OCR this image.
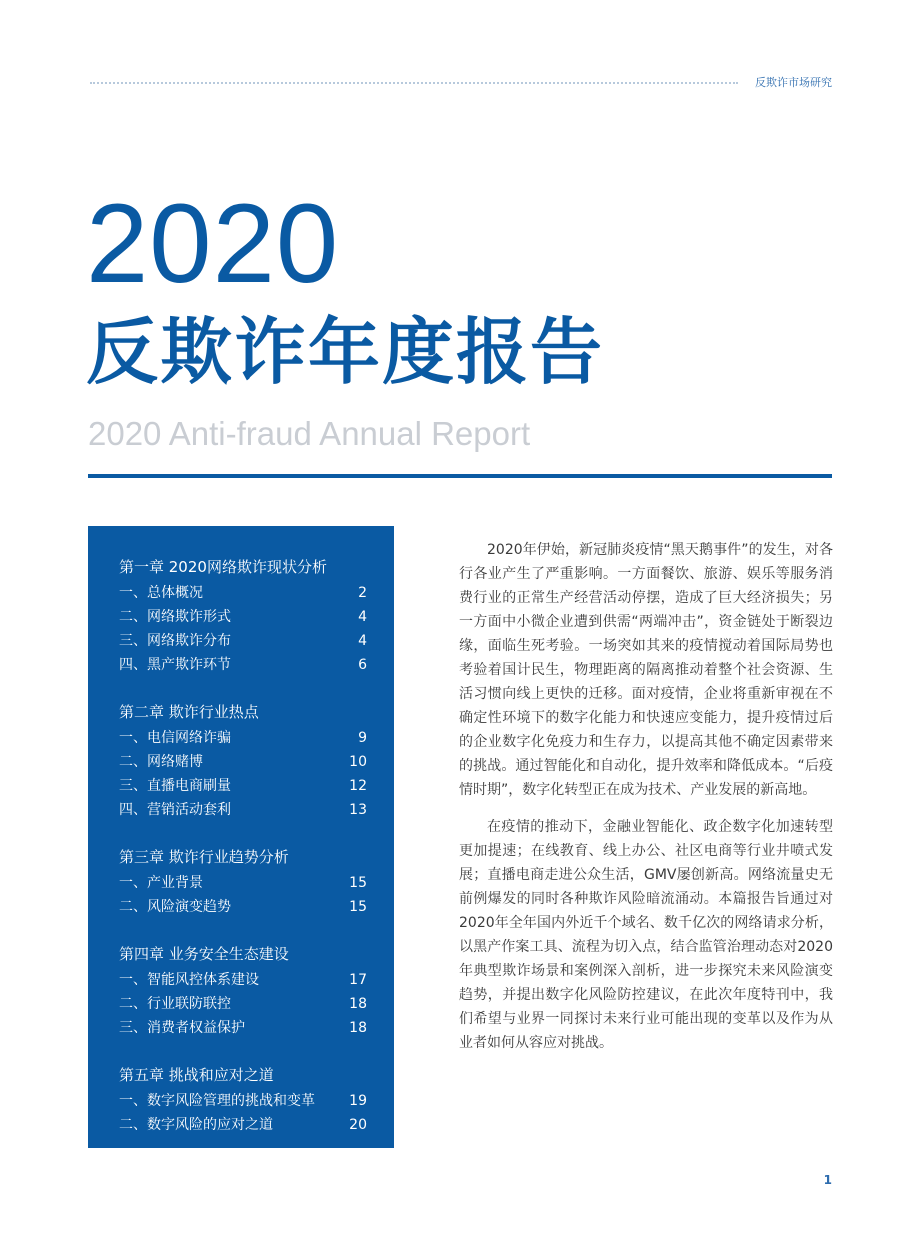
反欺诈市场研究
2020
反欺诈年度报告
2020 Anti-fraud Annual Report
第一章 2020网络欺诈现状分析
一、总体概况	2
二、网络欺诈形式	4
三、网络欺诈分布	4
四、黑产欺诈环节	6
第二章 欺诈行业热点
一、电信网络诈骗	9
二、网络赌博	10
三、直播电商刷量	12
四、营销活动套利	13
第三章 欺诈行业趋势分析
一、产业背景	15
二、风险演变趋势	15
第四章 业务安全生态建设
一、智能风控体系建设	17
二、行业联防联控	18
三、消费者权益保护	18
第五章 挑战和应对之道
一、数字风险管理的挑战和变革	19
二、数字风险的应对之道	20

2020年伊始，新冠肺炎疫情“黑天鹅事件”的发生，对各行各业产生了严重影响。一方面餐饮、旅游、娱乐等服务消费行业的正常生产经营活动停摆，造成了巨大经济损失；另一方面中小微企业遭到供需“两端冲击”，资金链处于断裂边缘，面临生死考验。一场突如其来的疫情搅动着国际局势也考验着国计民生，物理距离的隔离推动着整个社会资源、生活习惯向线上更快的迁移。面对疫情，企业将重新审视在不确定性环境下的数字化能力和快速应变能力，提升疫情过后的企业数字化免疫力和生存力，以提高其他不确定因素带来的挑战。通过智能化和自动化，提升效率和降低成本。“后疫情时期”，数字化转型正在成为技术、产业发展的新高地。

在疫情的推动下，金融业智能化、政企数字化加速转型更加提速；在线教育、线上办公、社区电商等行业井喷式发展；直播电商走进公众生活，GMV屡创新高。网络流量史无前例爆发的同时各种欺诈风险暗流涌动。本篇报告旨通过对2020年全年国内外近千个域名、数千亿次的网络请求分析，以黑产作案工具、流程为切入点，结合监管治理动态对2020年典型欺诈场景和案例深入剖析，进一步探究未来风险演变趋势，并提出数字化风险防控建议，在此次年度特刊中，我们希望与业界一同探讨未来行业可能出现的变革以及作为从业者如何从容应对挑战。

1
